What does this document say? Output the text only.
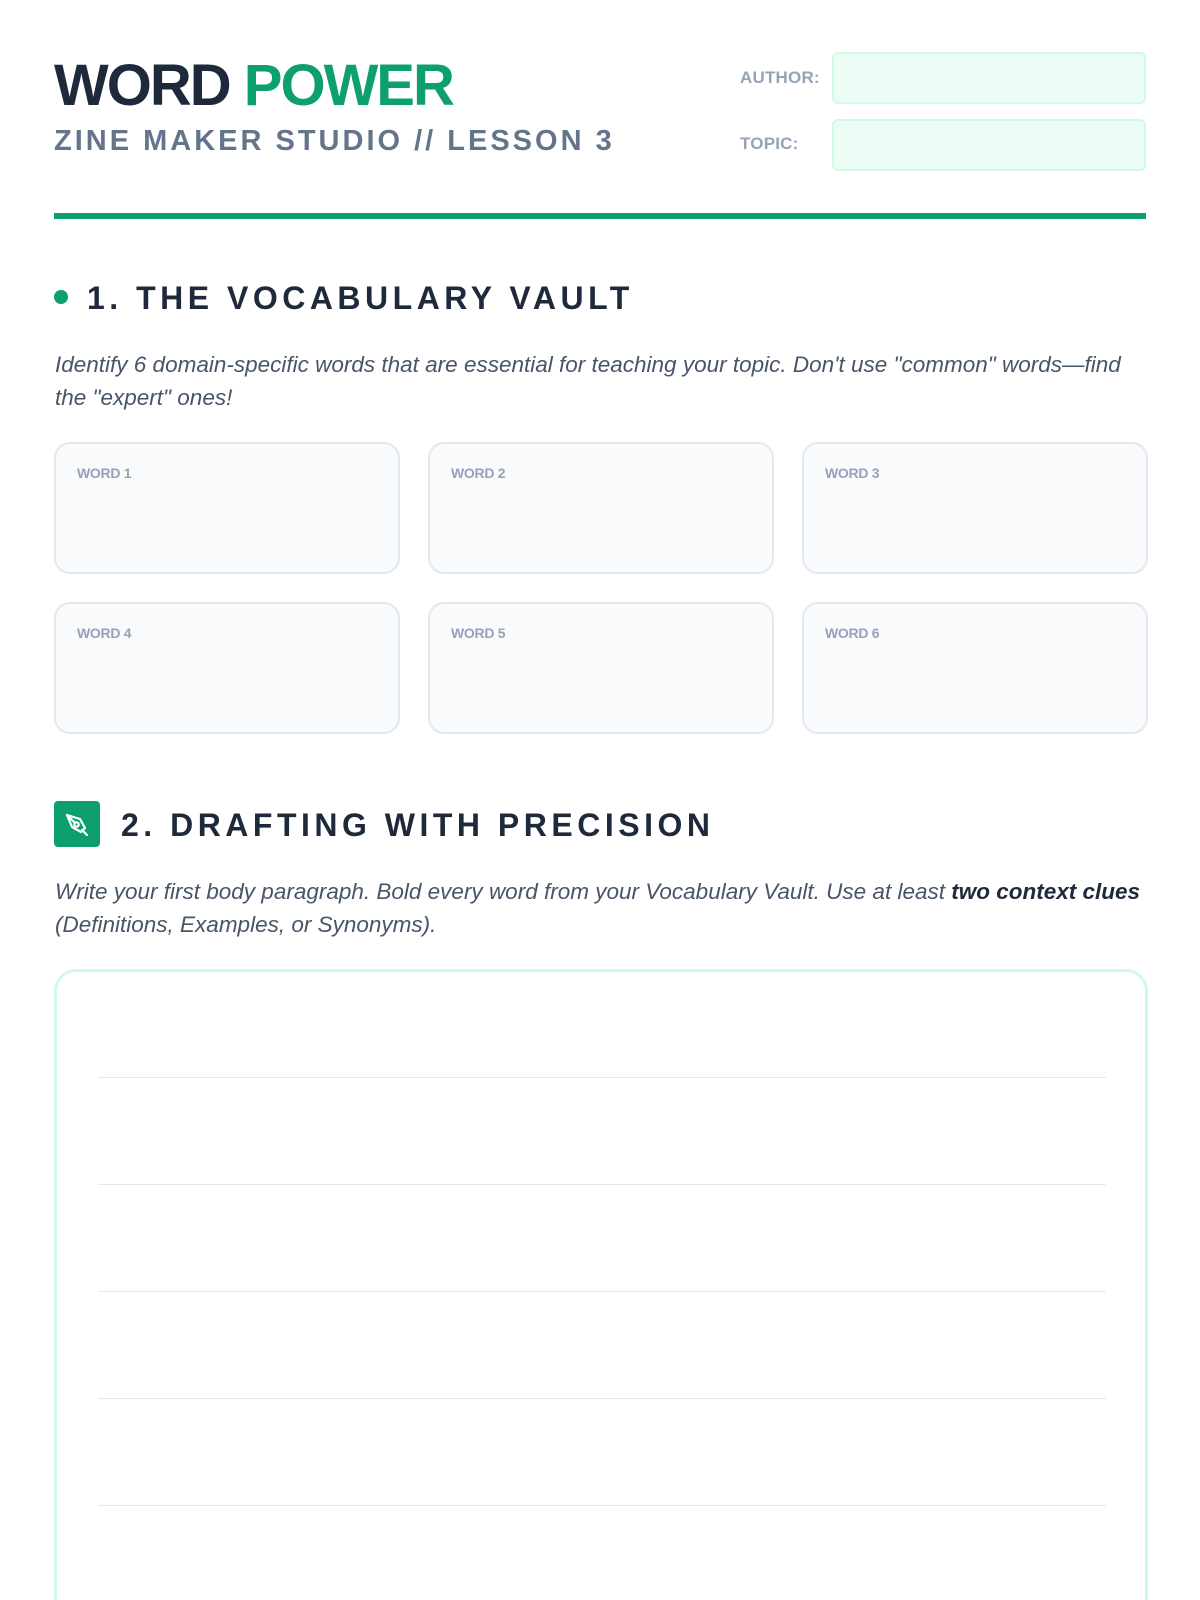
WORD POWER
ZINE MAKER STUDIO // LESSON 3
AUTHOR:
TOPIC:
1. THE VOCABULARY VAULT
Identify 6 domain-specific words that are essential for teaching your topic. Don't use "common" words—find the "expert" ones!
WORD 1	WORD 2	WORD 3
WORD 4	WORD 5	WORD 6
2. DRAFTING WITH PRECISION
Write your first body paragraph. Bold every word from your Vocabulary Vault. Use at least two context clues (Definitions, Examples, or Synonyms).
